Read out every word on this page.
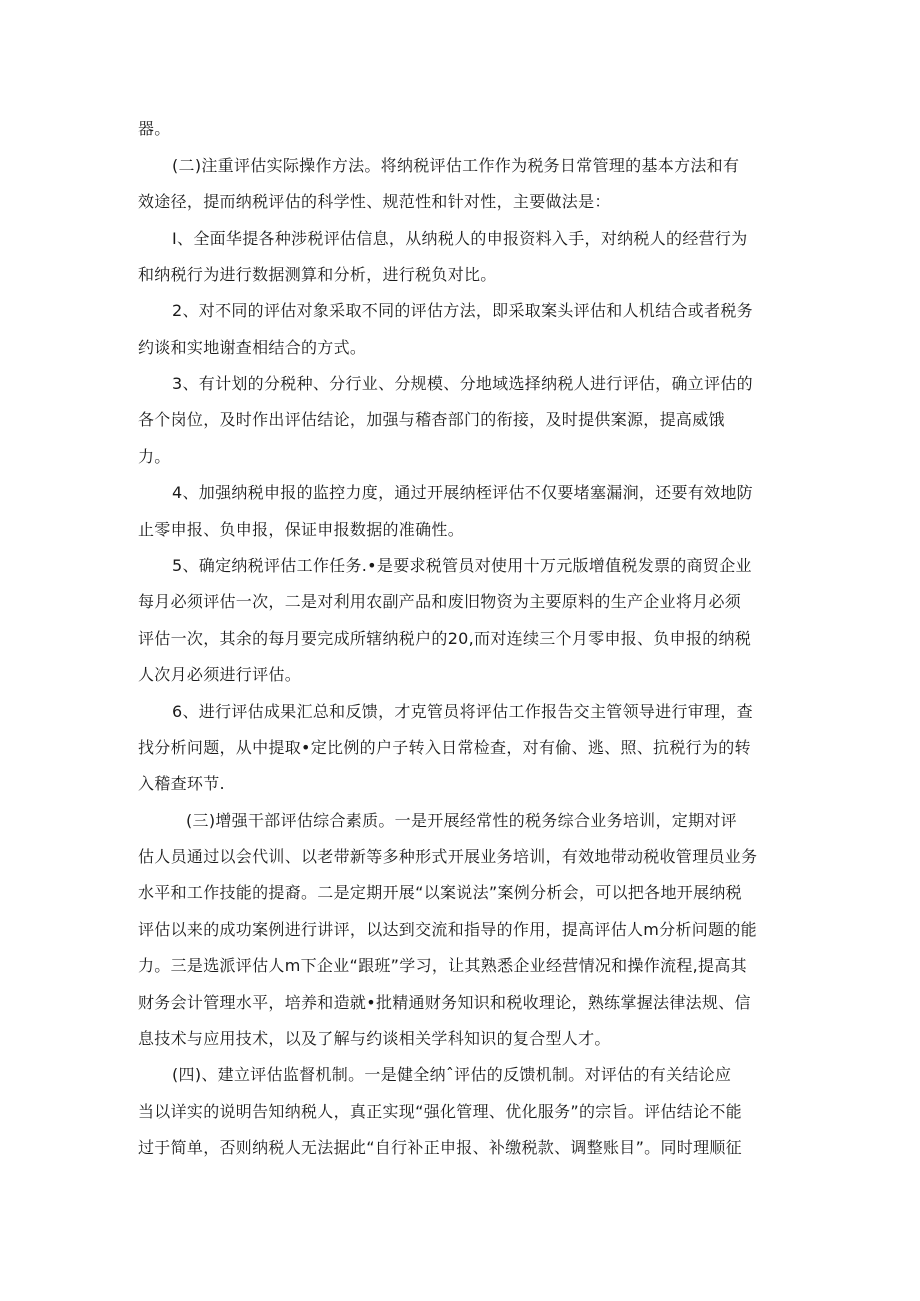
器。
(二)注重评估实际操作方法。将纳税评估工作作为税务日常管理的基本方法和有
效途径，提而纳税评估的科学性、规范性和针对性，主要做法是：
I、全面华提各种涉税评估信息，从纳税人的申报资料入手，对纳税人的经营行为
和纳税行为进行数据测算和分析，进行税负对比。
2、对不同的评估对象采取不同的评估方法，即采取案头评估和人机结合或者税务
约谈和实地谢查相结合的方式。
3、有计划的分税种、分行业、分规模、分地域选择纳税人进行评估，确立评估的
各个岗位，及时作出评估结论，加强与稽杳部门的衔接，及时提供案源，提高威饿
力。
4、加强纳税申报的监控力度，通过开展纳桎评估不仅要堵塞漏涧，还要有效地防
止零申报、负申报，保证申报数据的准确性。
5、确定纳税评估工作任务.•是要求税管员对使用十万元版增值税发票的商贸企业
每月必须评估一次，二是对利用农副产品和废旧物资为主要原料的生产企业将月必须
评估一次，其余的每月要完成所辖纳税户的20,而对连续三个月零申报、负申报的纳税
人次月必须进行评估。
6、进行评估成果汇总和反馈，才克管员将评估工作报告交主管领导进行审理，查
找分析问题，从中提取•定比例的户子转入日常检查，对有偷、逃、照、抗税行为的转
入稽查环节.
(三)增强干部评估综合素质。一是开展经常性的税务综合业务培训，定期对评
估人员通过以会代训、以老带新等多种形式开展业务培训，有效地带动税收管理员业务
水平和工作技能的提裔。二是定期开展“以案说法”案例分析会，可以把各地开展纳税
评估以来的成功案例进行讲评，以达到交流和指导的作用，提高评估人m分析问题的能
力。三是选派评估人m下企业“跟班”学习，让其熟悉企业经营情况和操作流程,提高其
财务会计管理水平，培养和造就•批精通财务知识和税收理论，熟练掌握法律法规、信
息技术与应用技术，以及了解与约谈相关学科知识的复合型人才。
(四)、建立评估监督机制。一是健全纳ˆ评估的反馈机制。对评估的有关结论应
当以详实的说明告知纳税人，真正实现“强化管理、优化服务”的宗旨。评估结论不能
过于简单，否则纳税人无法据此“自行补正申报、补缴税款、调整账目”。同时理顺征
